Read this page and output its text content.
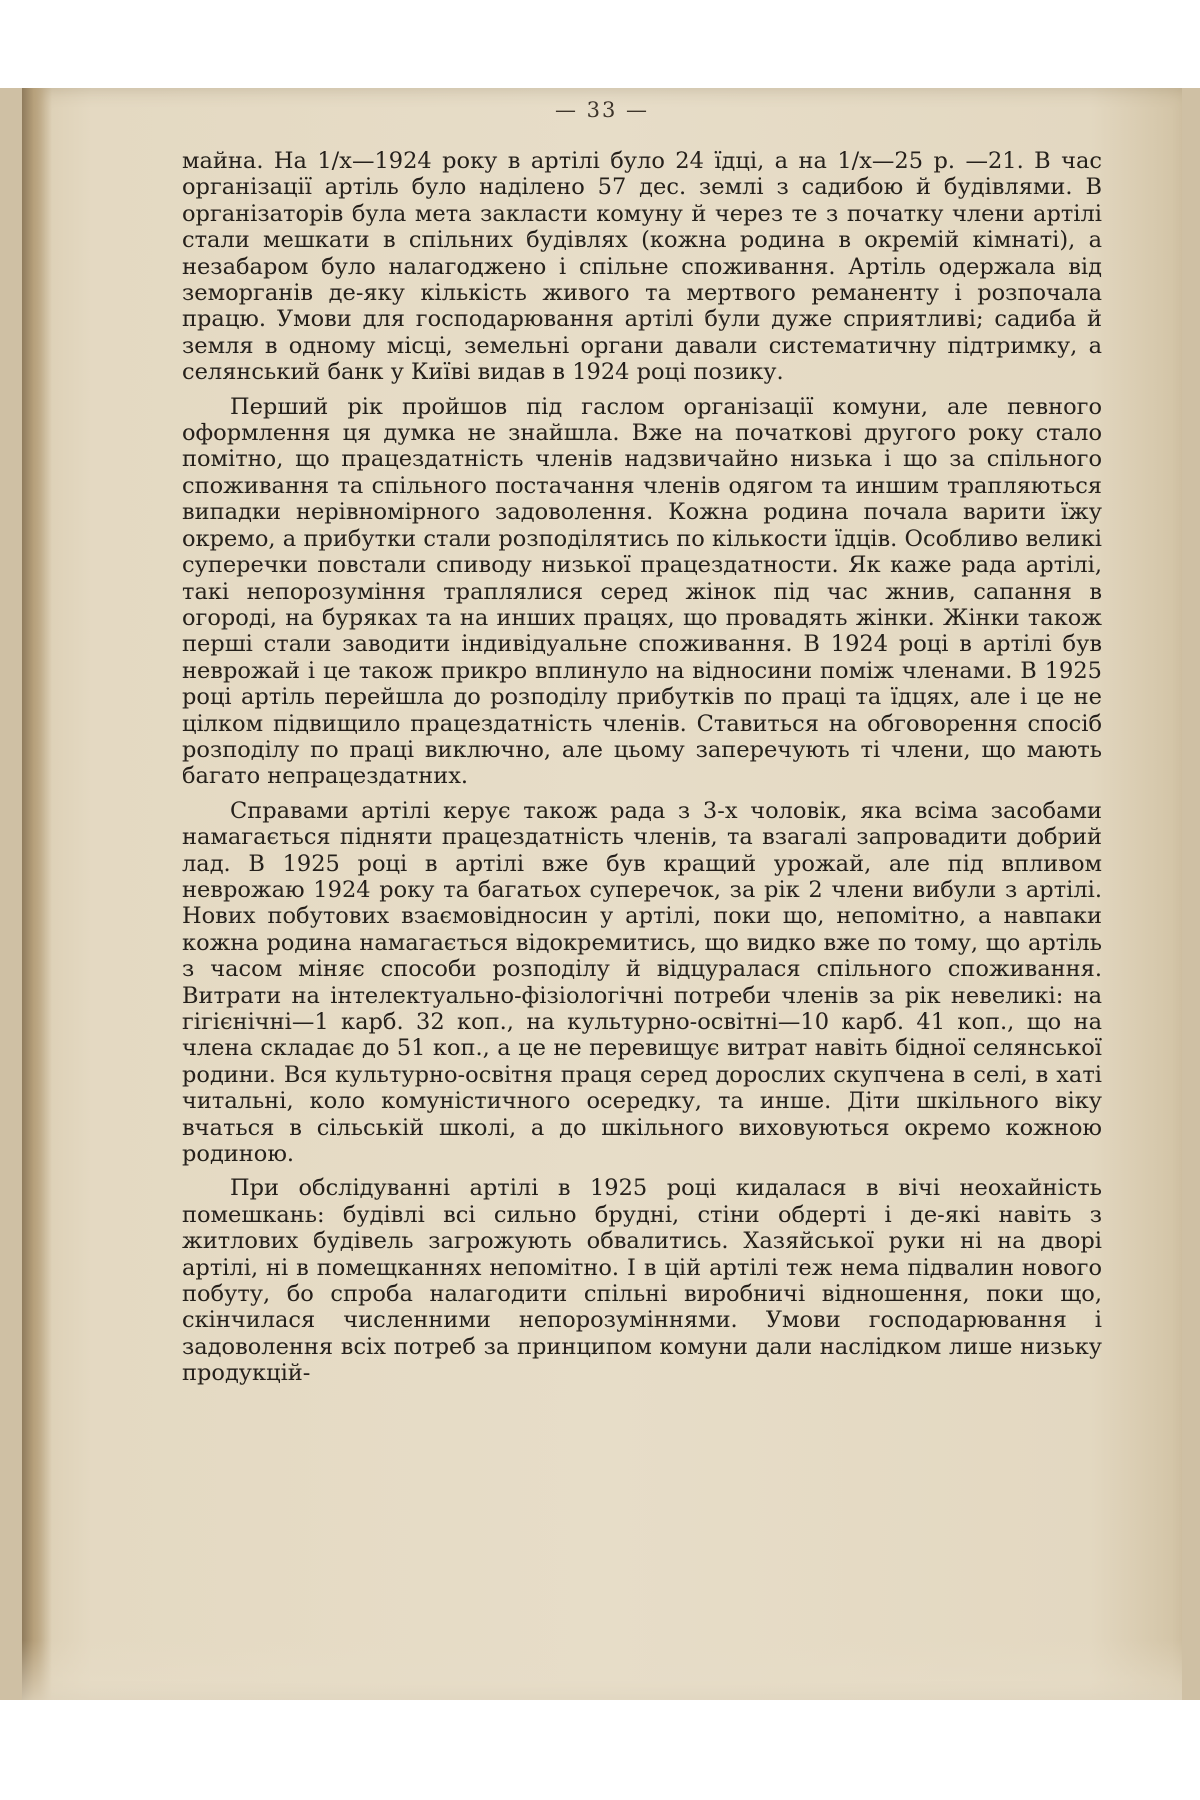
— 33 —

майна. На 1/x—1924 року в артілі було 24 їдці, а на 1/x—25 р. —21. В час організації артіль було наділено 57 дес. землі з садибою й будівлями. В організаторів була мета закласти комуну й через те з початку члени артілі стали мешкати в спільних будівлях (кожна родина в окремій кімнаті), а незабаром було налагоджено і спільне споживання. Артіль одержала від земорганів де-яку кількість живого та мертвого реманенту і розпочала працю. Умови для господарювання артілі були дуже сприятливі; садиба й земля в одному місці, земельні органи давали систематичну підтримку, а селянський банк у Київі видав в 1924 році позику.

Перший рік пройшов під гаслом організації комуни, але певного оформлення ця думка не знайшла. Вже на початкові другого року стало помітно, що працездатність членів надзвичайно низька і що за спільного споживання та спільного постачання членів одягом та иншим трапляються випадки нерівномірного задоволення. Кожна родина почала варити їжу окремо, а прибутки стали розподілятись по кількости їдців. Особливо великі суперечки повстали спиводу низької працездатности. Як каже рада артілі, такі непорозуміння траплялися серед жінок під час жнив, сапання в огороді, на буряках та на инших працях, що провадять жінки. Жінки також перші стали заводити індивідуальне споживання. В 1924 році в артілі був неврожай і це також прикро вплинуло на відносини поміж членами. В 1925 році артіль перейшла до розподілу прибутків по праці та їдцях, але і це не цілком підвищило працездатність членів. Ставиться на обговорення спосіб розподілу по праці виключно, але цьому заперечують ті члени, що мають багато непрацездатних.

Справами артілі керує також рада з 3-х чоловік, яка всіма засобами намагається підняти працездатність членів, та взагалі запровадити добрий лад. В 1925 році в артілі вже був кращий урожай, але під впливом неврожаю 1924 року та багатьох суперечок, за рік 2 члени вибули з артілі. Нових побутових взаємовідносин у артілі, поки що, непомітно, а навпаки кожна родина намагається відокремитись, що видко вже по тому, що артіль з часом міняє способи розподілу й відцуралася спільного споживання. Витрати на інтелектуально-фізіологічні потреби членів за рік невеликі: на гігієнічні—1 карб. 32 коп., на культурно-освітні—10 карб. 41 коп., що на члена складає до 51 коп., а це не перевищує витрат навіть бідної селянської родини. Вся культурно-освітня праця серед дорослих скупчена в селі, в хаті читальні, коло комуністичного осередку, та инше. Діти шкільного віку вчаться в сільській школі, а до шкільного виховуються окремо кожною родиною.

При обслідуванні артілі в 1925 році кидалася в вічі неохайність помешкань: будівлі всі сильно брудні, стіни обдерті і де-які навіть з житлових будівель загрожують обвалитись. Хазяйської руки ні на дворі артілі, ні в помещканнях непомітно. І в цій артілі теж нема підвалин нового побуту, бо спроба налагодити спільні виробничі відношення, поки що, скінчилася численними непорозуміннями. Умови господарювання і задоволення всіх потреб за принципом комуни дали наслідком лише низьку продукцій-
